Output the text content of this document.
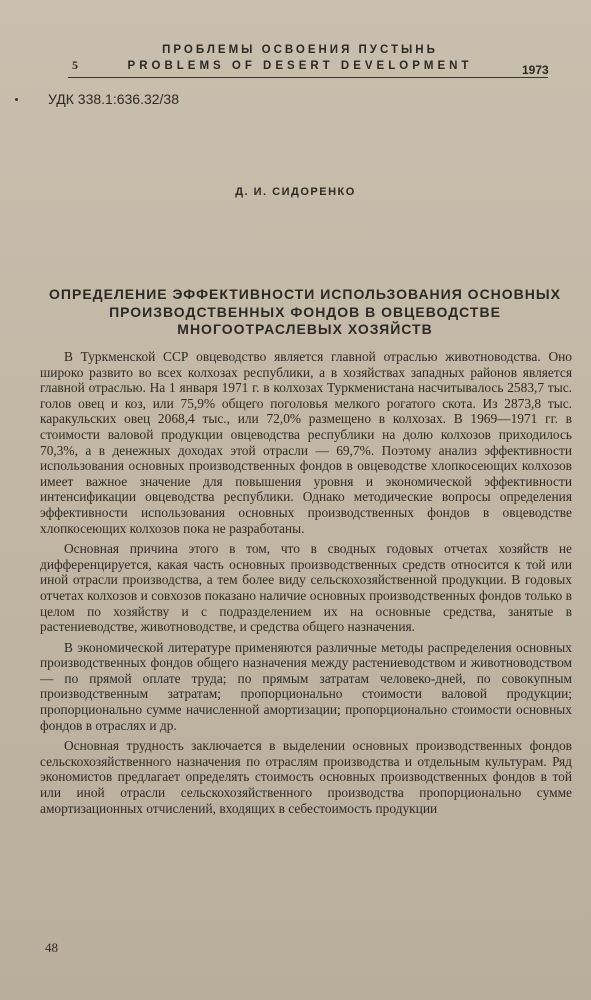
5
ПРОБЛЕМЫ ОСВОЕНИЯ ПУСТЫНЬ
PROBLEMS OF DESERT DEVELOPMENT	1973
УДК 338.1:636.32/38
Д. И. СИДОРЕНКО
ОПРЕДЕЛЕНИЕ ЭФФЕКТИВНОСТИ ИСПОЛЬЗОВАНИЯ ОСНОВНЫХ ПРОИЗВОДСТВЕННЫХ ФОНДОВ В ОВЦЕВОДСТВЕ МНОГООТРАСЛЕВЫХ ХОЗЯЙСТВ

В Туркменской ССР овцеводство является главной отраслью животноводства. Оно широко развито во всех колхозах республики, а в хозяйствах западных районов является главной отраслью. На 1 января 1971 г. в колхозах Туркменистана насчитывалось 2583,7 тыс. голов овец и коз, или 75,9% общего поголовья мелкого рогатого скота. Из 2873,8 тыс. каракульских овец 2068,4 тыс., или 72,0% размещено в колхозах. В 1969—1971 гг. в стоимости валовой продукции овцеводства республики на долю колхозов приходилось 70,3%, а в денежных доходах этой отрасли — 69,7%. Поэтому анализ эффективности использования основных производственных фондов в овцеводстве хлопкосеющих колхозов имеет важное значение для повышения уровня и экономической эффективности интенсификации овцеводства республики. Однако методические вопросы определения эффективности использования основных производственных фондов в овцеводстве хлопкосеющих колхозов пока не разработаны.

Основная причина этого в том, что в сводных годовых отчетах хозяйств не дифференцируется, какая часть основных производственных средств относится к той или иной отрасли производства, а тем более виду сельскохозяйственной продукции. В годовых отчетах колхозов и совхозов показано наличие основных производственных фондов только в целом по хозяйству и с подразделением их на основные средства, занятые в растениеводстве, животноводстве, и средства общего назначения.

В экономической литературе применяются различные методы распределения основных производственных фондов общего назначения между растениеводством и животноводством — по прямой оплате труда; по прямым затратам человеко-дней, по совокупным производственным затратам; пропорционально стоимости валовой продукции; пропорционально сумме начисленной амортизации; пропорционально стоимости основных фондов в отраслях и др.

Основная трудность заключается в выделении основных производственных фондов сельскохозяйственного назначения по отраслям производства и отдельным культурам. Ряд экономистов предлагает определять стоимость основных производственных фондов в той или иной отрасли сельскохозяйственного производства пропорционально сумме амортизационных отчислений, входящих в себестоимость продукции

48
